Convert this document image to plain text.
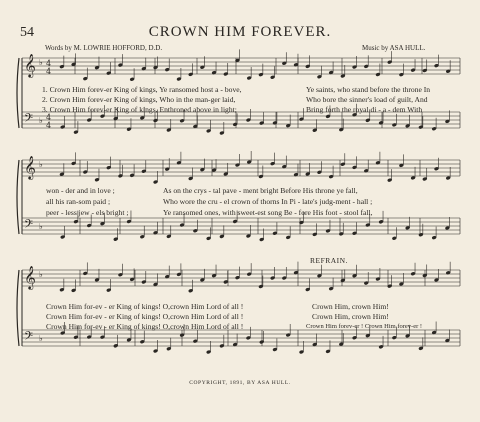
54	CROWN HIM FOREVER.
Words by M. LOWRIE HOFFORD, D.D.	Music by ASA HULL.
𝄞
𝄢
♭
♭
4
4
4
4
𝄞
𝄢
♭
♭
𝄞
𝄢
♭
♭
1. Crown Him forev-er King of kings, Ye ransomed host a - bove,
2. Crown Him forev-er King of kings, Who in the man-ger laid,
3. Crown Him forev-er King of kings, Enthroned above in light;
Ye saints, who stand before the throne In
Who bore the sinner's load of guilt, And
Bring forth the royal di - a - dem With
won - der and in love ;
all his ran-som paid ;
peer - less jew - els bright ;
As on the crys - tal pave - ment bright Before His throne ye fall,
Who wore the cru - el crown of thorns In Pi - late's judg-ment - hall ;
Ye ransomed ones, with sweet-est song Be - fore His foot - stool fall,
REFRAIN.
Crown Him for-ev - er King of kings! O,crown Him Lord of all !
Crown Him for-ev - er King of kings! O,crown Him Lord of all !
Crown Him for-ev - er King of kings! O,crown Him Lord of all !
Crown Him, crown Him!
Crown Him, crown Him!
Crown Him forev-er ! Crown Him forev-er !
COPYRIGHT, 1891, BY ASA HULL.
